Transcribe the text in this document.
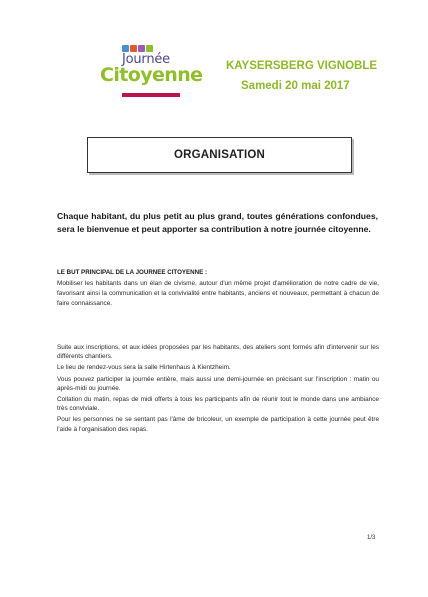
Journée
Citoyenne KAYSERSBERG VIGNOBLE
Samedi 20 mai 2017
ORGANISATION
Chaque habitant, du plus petit au plus grand, toutes générations confondues, sera le bienvenue et peut apporter sa contribution à notre journée citoyenne.
LE BUT PRINCIPAL DE LA JOURNEE CITOYENNE :
Mobiliser les habitants dans un élan de civisme, autour d'un même projet d'amélioration de notre cadre de vie, favorisant ainsi la communication et la convivialité entre habitants, anciens et nouveaux, permettant à chacun de faire connaissance.

Suite aux inscriptions, et aux idées proposées par les habitants, des ateliers sont formés afin d'intervenir sur les différents chantiers.

Le lieu de rendez-vous sera la salle Hirtenhaus à Kientzheim.

Vous pouvez participer la journée entière, mais aussi une demi-journée en précisant sur l'inscription : matin ou après-midi ou journée.

Collation du matin, repas de midi offerts à tous les participants afin de réunir tout le monde dans une ambiance très conviviale.

Pour les personnes ne se sentant pas l'âme de bricoleur, un exemple de participation à cette journée peut être l'aide à l'organisation des repas.

1/3
